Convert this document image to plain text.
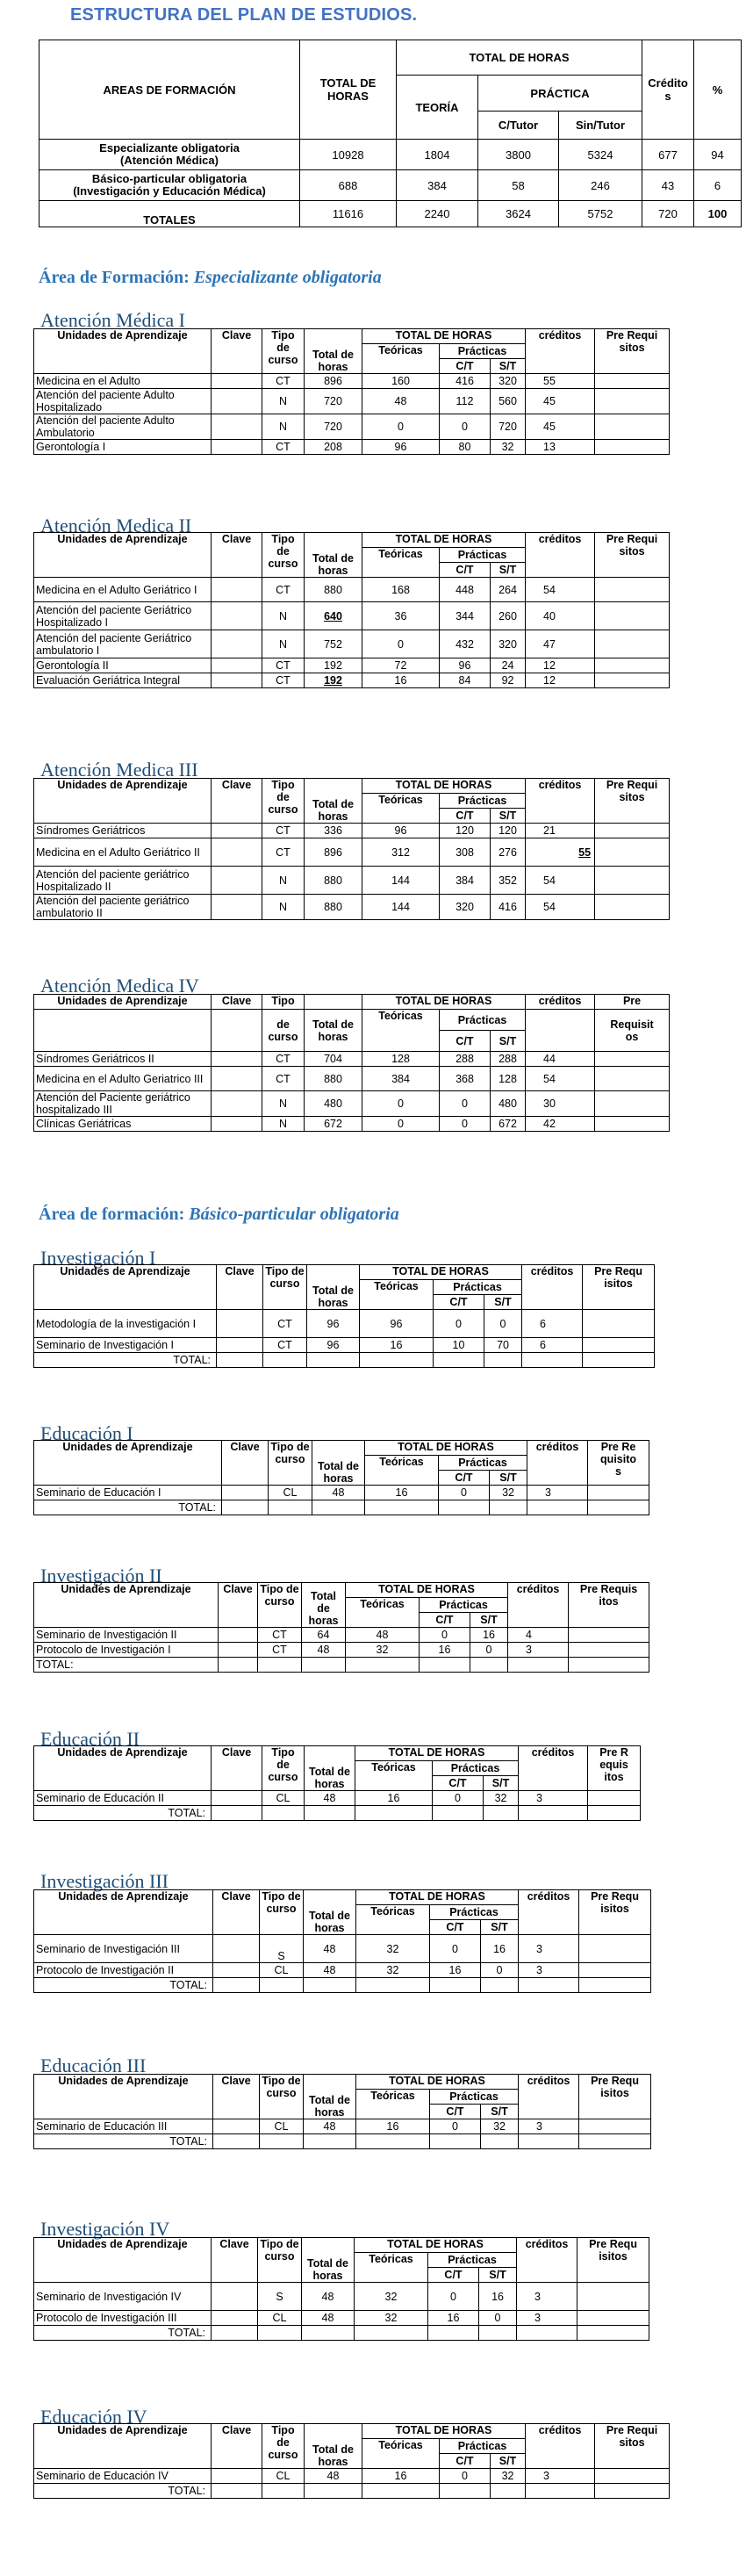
ESTRUCTURA DEL PLAN DE ESTUDIOS.
AREAS DE FORMACIÓN	TOTAL DE HORAS	TOTAL DE HORAS			Créditos	%
		TEORÍA	PRÁCTICA			
			C/Tutor	Sin/Tutor		
Especializante obligatoria
(Atención Médica)	10928	1804	3800	5324	677	94
Básico-particular obligatoria
(Investigación y Educación Médica)	688	384	58	246	43	6
TOTALES	11616	2240	3624	5752	720	100
Área de Formación: Especializante obligatoria
Área de formación: Básico-particular obligatoria
Atención Médica I
Unidades de Aprendizaje	Clave	Tipo de curso	Total de horas	TOTAL DE HORAS			créditos	Pre Requisitos
				Teóricas	Prácticas			
					C/T	S/T		
Medicina en el Adulto		CT	896	160	416	320	55	
Atención del paciente Adulto Hospitalizado		N	720	48	112	560	45	
Atención del paciente Adulto Ambulatorio		N	720	0	0	720	45	
Gerontología I		CT	208	96	80	32	13	
Atención Medica II
Unidades de Aprendizaje	Clave	Tipo de curso	Total de horas	TOTAL DE HORAS			créditos	Pre Requisitos
				Teóricas	Prácticas			
					C/T	S/T		
Medicina en el Adulto Geriátrico I		CT	880	168	448	264	54	
Atención del paciente Geriátrico Hospitalizado I		N	640	36	344	260	40	
Atención del paciente Geriátrico ambulatorio I		N	752	0	432	320	47	
Gerontología II		CT	192	72	96	24	12	
Evaluación Geriátrica Integral		CT	192	16	84	92	12	
Atención Medica III
Unidades de Aprendizaje	Clave	Tipo de curso	Total de horas	TOTAL DE HORAS			créditos	Pre Requisitos
				Teóricas	Prácticas			
					C/T	S/T		
Síndromes Geriátricos		CT	336	96	120	120	21	
Medicina en el Adulto Geriátrico II		CT	896	312	308	276	55	
Atención del paciente geriátrico Hospitalizado II		N	880	144	384	352	54	
Atención del paciente geriátrico ambulatorio II		N	880	144	320	416	54	
Atención Medica IV
Unidades de Aprendizaje	Clave	Tipo		TOTAL DE HORAS			créditos	Pre
		de curso	Total de horas	Teóricas	Prácticas			Requisit os
					C/T	S/T		
Síndromes Geriátricos II		CT	704	128	288	288	44	
Medicina en el Adulto Geriatrico III		CT	880	384	368	128	54	
Atención del Paciente geriátrico hospitalizado III		N	480	0	0	480	30	
Clínicas Geriátricas		N	672	0	0	672	42	
Investigación I
Unidades de Aprendizaje	Clave	Tipo de curso	Total de horas	TOTAL DE HORAS			créditos	Pre Requisitos
				Teóricas	Prácticas			
					C/T	S/T		
Metodología de la investigación I		CT	96	96	0	0	6	
Seminario de Investigación I		CT	96	16	10	70	6	
TOTAL:								
Educación I
Unidades de Aprendizaje	Clave	Tipo de curso	Total de horas	TOTAL DE HORAS			créditos	Pre Requisitos
				Teóricas	Prácticas			
					C/T	S/T		
Seminario de Educación I		CL	48	16	0	32	3	
TOTAL:								
Investigación II
Unidades de Aprendizaje	Clave	Tipo de curso	Total de horas	TOTAL DE HORAS			créditos	Pre Requisitos
				Teóricas	Prácticas			
					C/T	S/T		
Seminario de Investigación II		CT	64	48	0	16	4	
Protocolo de Investigación I		CT	48	32	16	0	3	
TOTAL:								
Educación II
Unidades de Aprendizaje	Clave	Tipo de curso	Total de horas	TOTAL DE HORAS			créditos	Pre Requisitos
				Teóricas	Prácticas			
					C/T	S/T		
Seminario de Educación II		CL	48	16	0	32	3	
TOTAL:								
Investigación III
Unidades de Aprendizaje	Clave	Tipo de curso	Total de horas	TOTAL DE HORAS			créditos	Pre Requisitos
				Teóricas	Prácticas			
					C/T	S/T		
Seminario de Investigación III		S	48	32	0	16	3	
Protocolo de Investigación II		CL	48	32	16	0	3	
TOTAL:								
Educación III
Unidades de Aprendizaje	Clave	Tipo de curso	Total de horas	TOTAL DE HORAS			créditos	Pre Requisitos
				Teóricas	Prácticas			
					C/T	S/T		
Seminario de Educación III		CL	48	16	0	32	3	
TOTAL:								
Investigación IV
Unidades de Aprendizaje	Clave	Tipo de curso	Total de horas	TOTAL DE HORAS			créditos	Pre Requisitos
				Teóricas	Prácticas			
					C/T	S/T		
Seminario de Investigación IV		S	48	32	0	16	3	
Protocolo de Investigación III		CL	48	32	16	0	3	
TOTAL:								
Educación IV
Unidades de Aprendizaje	Clave	Tipo de curso	Total de horas	TOTAL DE HORAS			créditos	Pre Requisitos
				Teóricas	Prácticas			
					C/T	S/T		
Seminario de Educación IV		CL	48	16	0	32	3	
TOTAL:								
